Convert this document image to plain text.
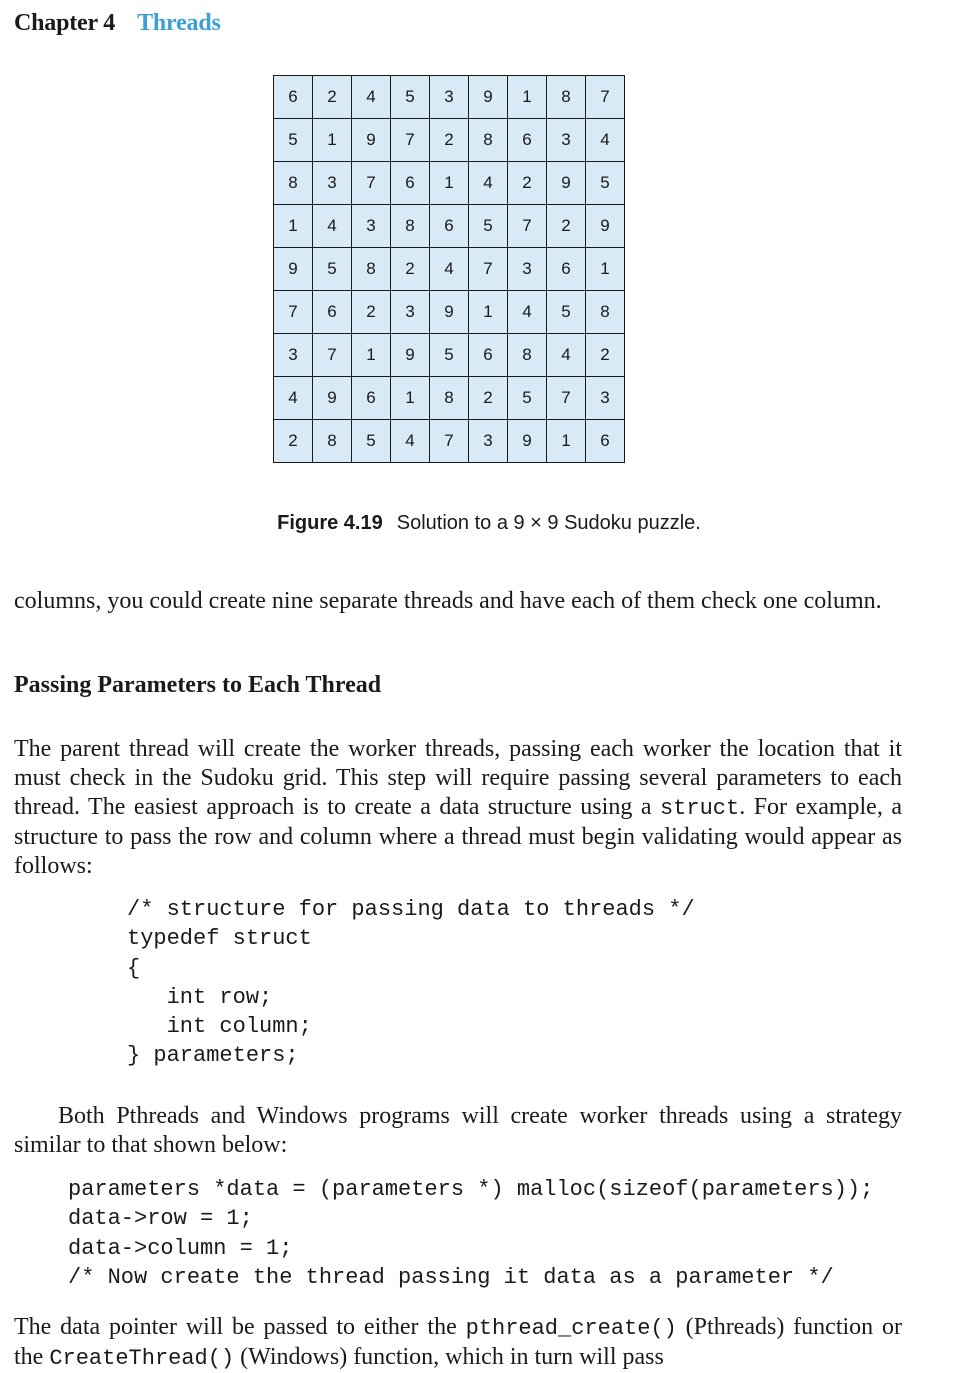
Chapter 4 Threads
6	2	4	5	3	9	1	8	7
5	1	9	7	2	8	6	3	4
8	3	7	6	1	4	2	9	5
1	4	3	8	6	5	7	2	9
9	5	8	2	4	7	3	6	1
7	6	2	3	9	1	4	5	8
3	7	1	9	5	6	8	4	2
4	9	6	1	8	2	5	7	3
2	8	5	4	7	3	9	1	6
Figure 4.19 Solution to a 9 × 9 Sudoku puzzle.

columns, you could create nine separate threads and have each of them check one column.

Passing Parameters to Each Thread

The parent thread will create the worker threads, passing each worker the location that it must check in the Sudoku grid. This step will require passing several parameters to each thread. The easiest approach is to create a data structure using a struct. For example, a structure to pass the row and column where a thread must begin validating would appear as follows:

/* structure for passing data to threads */
typedef struct
{
int row;
int column;
} parameters;

Both Pthreads and Windows programs will create worker threads using a strategy similar to that shown below:

parameters *data = (parameters *) malloc(sizeof(parameters));
data->row = 1;
data->column = 1;
/* Now create the thread passing it data as a parameter */

The data pointer will be passed to either the pthread_create() (Pthreads) function or the CreateThread() (Windows) function, which in turn will pass
